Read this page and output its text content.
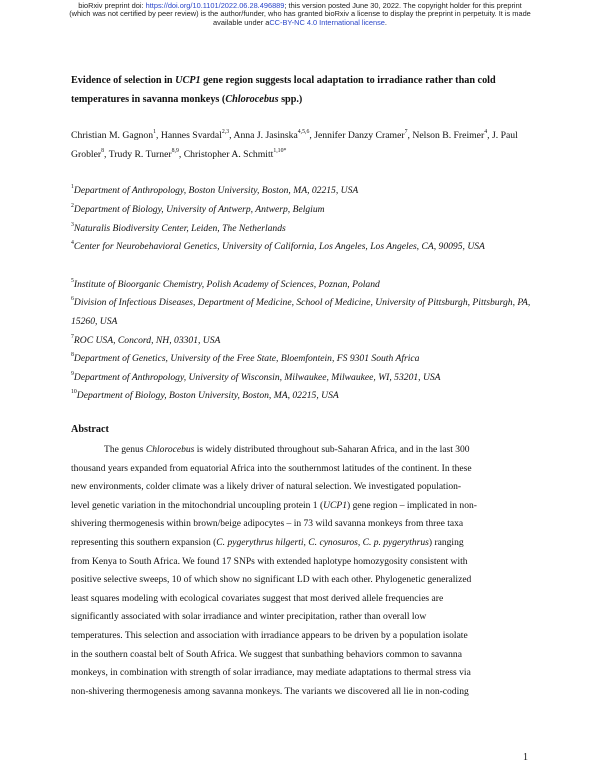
bioRxiv preprint doi: https://doi.org/10.1101/2022.06.28.496889; this version posted June 30, 2022. The copyright holder for this preprint
(which was not certified by peer review) is the author/funder, who has granted bioRxiv a license to display the preprint in perpetuity. It is made
available under aCC-BY-NC 4.0 International license.
Evidence of selection in UCP1 gene region suggests local adaptation to irradiance rather than cold temperatures in savanna monkeys (Chlorocebus spp.)
Christian M. Gagnon$^1$, Hannes Svardal$^{2,3}$, Anna J. Jasinska$^{4,5,6}$, Jennifer Danzy Cramer$^7$, Nelson B. Freimer$^4$, J. Paul Grobler$^8$, Trudy R. Turner$^{8,9}$, Christopher A. Schmitt$^{1,10*}$
$^1$Department of Anthropology, Boston University, Boston, MA, 02215, USA
$^2$Department of Biology, University of Antwerp, Antwerp, Belgium
$^3$Naturalis Biodiversity Center, Leiden, The Netherlands
$^4$Center for Neurobehavioral Genetics, University of California, Los Angeles, Los Angeles, CA, 90095, USA
$^5$Institute of Bioorganic Chemistry, Polish Academy of Sciences, Poznan, Poland
$^6$Division of Infectious Diseases, Department of Medicine, School of Medicine, University of Pittsburgh, Pittsburgh, PA, 15260, USA
$^7$ROC USA, Concord, NH, 03301, USA
$^8$Department of Genetics, University of the Free State, Bloemfontein, FS 9301 South Africa
$^9$Department of Anthropology, University of Wisconsin, Milwaukee, Milwaukee, WI, 53201, USA
$^{10}$Department of Biology, Boston University, Boston, MA, 02215, USA
Abstract
The genus Chlorocebus is widely distributed throughout sub-Saharan Africa, and in the last 300
thousand years expanded from equatorial Africa into the southernmost latitudes of the continent. In these
new environments, colder climate was a likely driver of natural selection. We investigated population-
level genetic variation in the mitochondrial uncoupling protein 1 (UCP1) gene region – implicated in non-
shivering thermogenesis within brown/beige adipocytes – in 73 wild savanna monkeys from three taxa
representing this southern expansion (C. pygerythrus hilgerti, C. cynosuros, C. p. pygerythrus) ranging
from Kenya to South Africa. We found 17 SNPs with extended haplotype homozygosity consistent with
positive selective sweeps, 10 of which show no significant LD with each other. Phylogenetic generalized
least squares modeling with ecological covariates suggest that most derived allele frequencies are
significantly associated with solar irradiance and winter precipitation, rather than overall low
temperatures. This selection and association with irradiance appears to be driven by a population isolate
in the southern coastal belt of South Africa. We suggest that sunbathing behaviors common to savanna
monkeys, in combination with strength of solar irradiance, may mediate adaptations to thermal stress via
non-shivering thermogenesis among savanna monkeys. The variants we discovered all lie in non-coding
1
